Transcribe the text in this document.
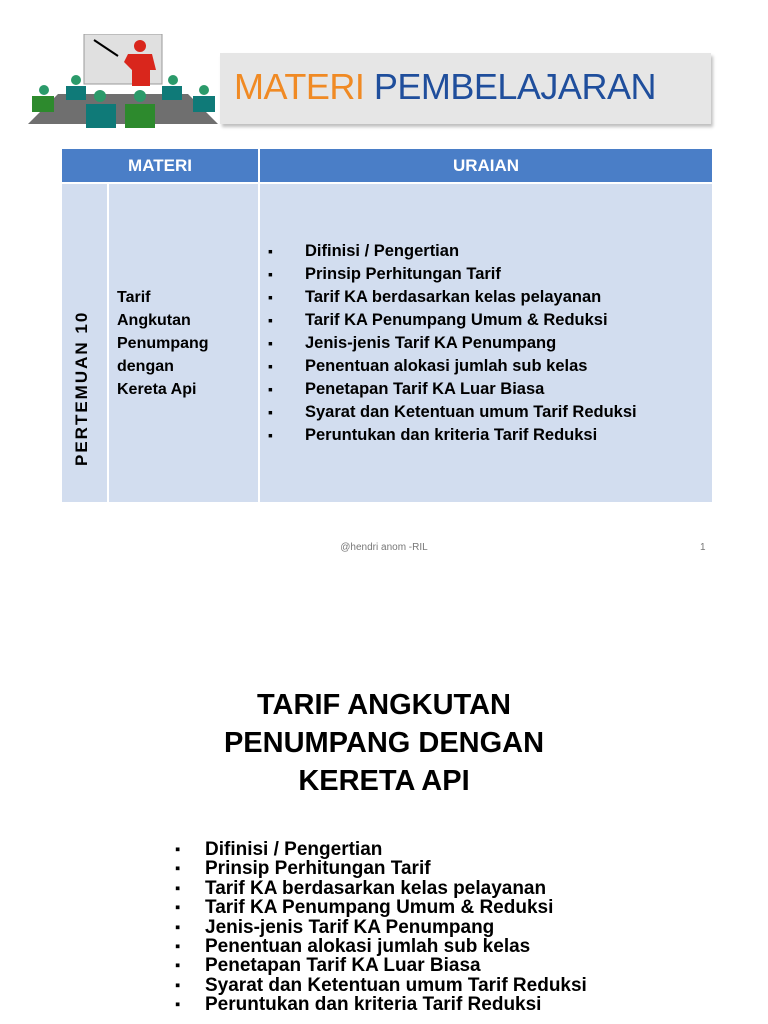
MATERI PEMBELAJARAN
MATERI	URAIAN
PERTEMUAN 10
Tarif
Angkutan
Penumpang
dengan
Kereta Api
▪ Difinisi / Pengertian
▪ Prinsip Perhitungan Tarif
▪ Tarif KA berdasarkan kelas pelayanan
▪ Tarif KA Penumpang Umum & Reduksi
▪ Jenis-jenis Tarif KA Penumpang
▪ Penentuan alokasi jumlah sub kelas
▪ Penetapan Tarif KA Luar Biasa
▪ Syarat dan Ketentuan umum Tarif Reduksi
▪ Peruntukan dan kriteria Tarif Reduksi
@hendri anom -RIL	1
TARIF ANGKUTAN
PENUMPANG DENGAN
KERETA API
▪ Difinisi / Pengertian
▪ Prinsip Perhitungan Tarif
▪ Tarif KA berdasarkan kelas pelayanan
▪ Tarif KA Penumpang Umum & Reduksi
▪ Jenis-jenis Tarif KA Penumpang
▪ Penentuan alokasi jumlah sub kelas
▪ Penetapan Tarif KA Luar Biasa
▪ Syarat dan Ketentuan umum Tarif Reduksi
▪ Peruntukan dan kriteria Tarif Reduksi
